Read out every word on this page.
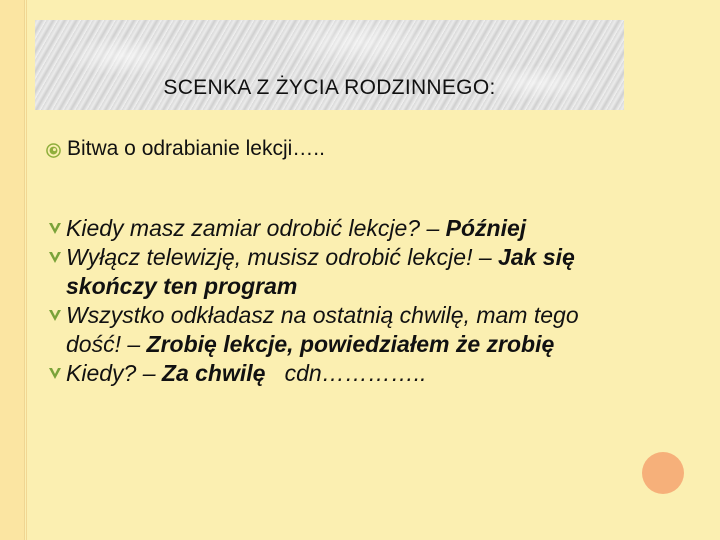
SCENKA Z ŻYCIA RODZINNEGO:
Bitwa o odrabianie lekcji…..
Kiedy masz zamiar odrobić lekcje? – Później
Wyłącz telewizję, musisz odrobić lekcje! – Jak się skończy ten program
Wszystko odkładasz na ostatnią chwilę, mam tego dość! – Zrobię lekcje, powiedziałem że zrobię
Kiedy? – Za chwilę   cdn…………..
